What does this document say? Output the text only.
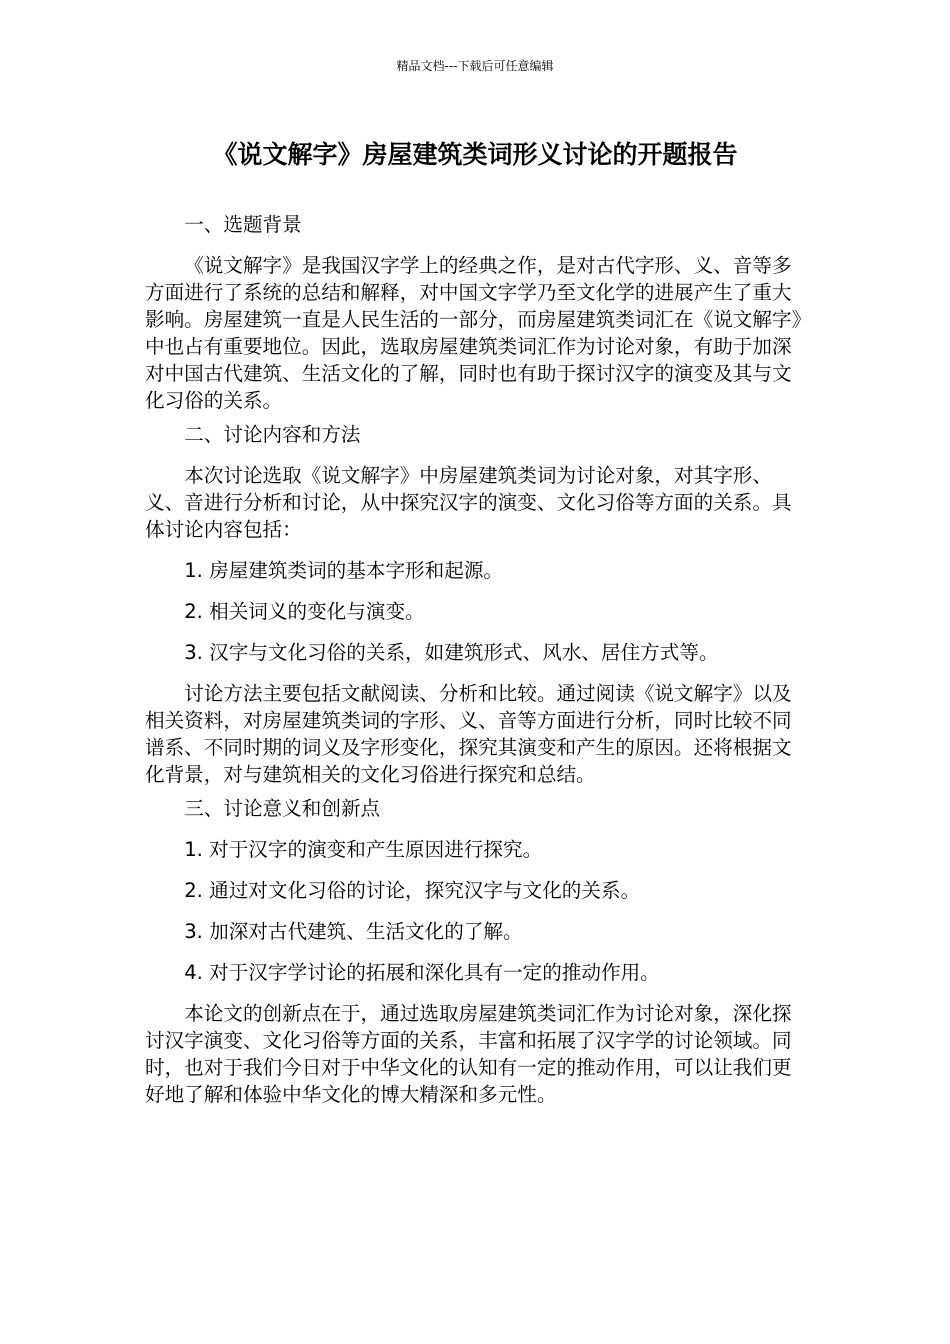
精品文档---下载后可任意编辑
《说文解字》房屋建筑类词形义讨论的开题报告

一、选题背景

《说文解字》是我国汉字学上的经典之作，是对古代字形、义、音等多方面进行了系统的总结和解释，对中国文字学乃至文化学的进展产生了重大影响。房屋建筑一直是人民生活的一部分，而房屋建筑类词汇在《说文解字》中也占有重要地位。因此，选取房屋建筑类词汇作为讨论对象，有助于加深对中国古代建筑、生活文化的了解，同时也有助于探讨汉字的演变及其与文化习俗的关系。

二、讨论内容和方法

本次讨论选取《说文解字》中房屋建筑类词为讨论对象，对其字形、义、音进行分析和讨论，从中探究汉字的演变、文化习俗等方面的关系。具体讨论内容包括：

1. 房屋建筑类词的基本字形和起源。

2. 相关词义的变化与演变。

3. 汉字与文化习俗的关系，如建筑形式、风水、居住方式等。

讨论方法主要包括文献阅读、分析和比较。通过阅读《说文解字》以及相关资料，对房屋建筑类词的字形、义、音等方面进行分析，同时比较不同谱系、不同时期的词义及字形变化，探究其演变和产生的原因。还将根据文化背景，对与建筑相关的文化习俗进行探究和总结。

三、讨论意义和创新点

1. 对于汉字的演变和产生原因进行探究。

2. 通过对文化习俗的讨论，探究汉字与文化的关系。

3. 加深对古代建筑、生活文化的了解。

4. 对于汉字学讨论的拓展和深化具有一定的推动作用。

本论文的创新点在于，通过选取房屋建筑类词汇作为讨论对象，深化探讨汉字演变、文化习俗等方面的关系，丰富和拓展了汉字学的讨论领域。同时，也对于我们今日对于中华文化的认知有一定的推动作用，可以让我们更好地了解和体验中华文化的博大精深和多元性。
